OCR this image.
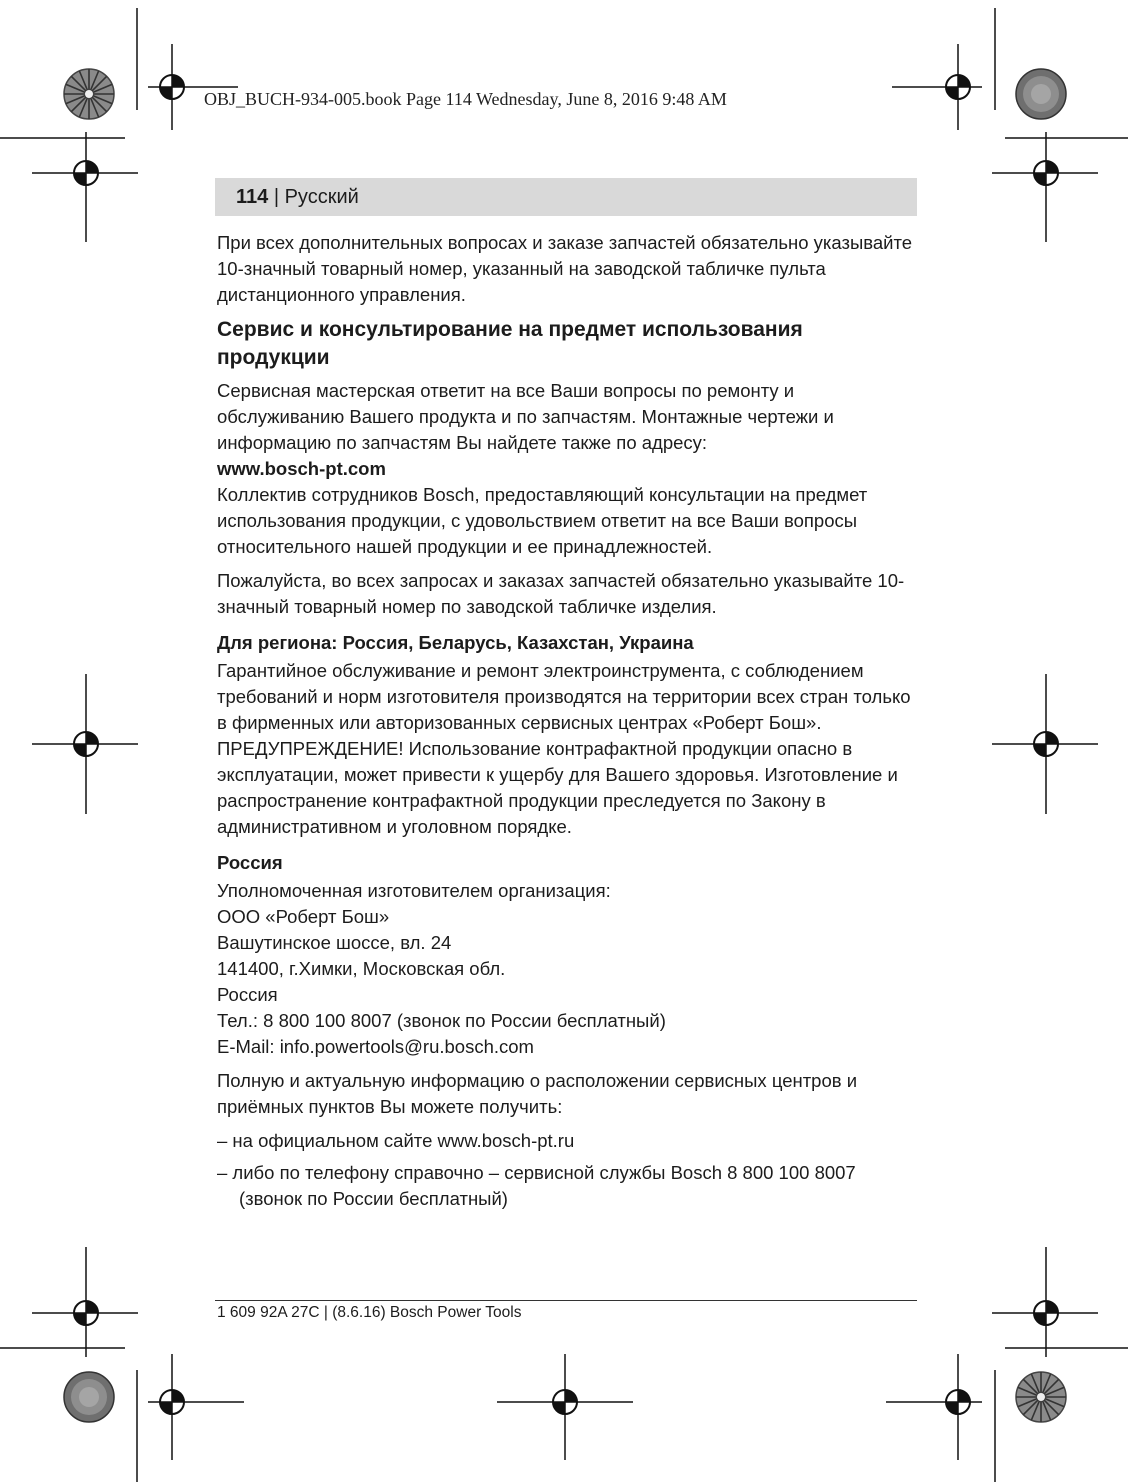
OBJ_BUCH-934-005.book Page 114 Wednesday, June 8, 2016 9:48 AM
114 | Русский

При всех дополнительных вопросах и заказе запчастей обязательно указывайте 10-значный товарный номер, указанный на заводской табличке пульта дистанционного управления.

Сервис и консультирование на предмет использования продукции

Сервисная мастерская ответит на все Ваши вопросы по ремонту и обслуживанию Вашего продукта и по запчастям. Монтажные чертежи и информацию по запчастям Вы найдете также по адресу:

www.bosch-pt.com

Коллектив сотрудников Bosch, предоставляющий консультации на предмет использования продукции, с удовольствием ответит на все Ваши вопросы относительного нашей продукции и ее принадлежностей.

Пожалуйста, во всех запросах и заказах запчастей обязательно указывайте 10-значный товарный номер по заводской табличке изделия.

Для региона: Россия, Беларусь, Казахстан, Украина

Гарантийное обслуживание и ремонт электроинструмента, с соблюдением требований и норм изготовителя производятся на территории всех стран только в фирменных или авторизованных сервисных центрах «Роберт Бош».

ПРЕДУПРЕЖДЕНИЕ! Использование контрафактной продукции опасно в эксплуатации, может привести к ущербу для Вашего здоровья. Изготовление и распространение контрафактной продукции преследуется по Закону в административном и уголовном порядке.

Россия
Уполномоченная изготовителем организация:
ООО «Роберт Бош»
Вашутинское шоссе, вл. 24
141400, г.Химки, Московская обл.
Россия
Тел.: 8 800 100 8007 (звонок по России бесплатный)
E-Mail: info.powertools@ru.bosch.com

Полную и актуальную информацию о расположении сервисных центров и приёмных пунктов Вы можете получить:

– на официальном сайте www.bosch-pt.ru
– либо по телефону справочно – сервисной службы Bosch 8 800 100 8007 (звонок по России бесплатный)
1 609 92A 27C | (8.6.16) Bosch Power Tools
